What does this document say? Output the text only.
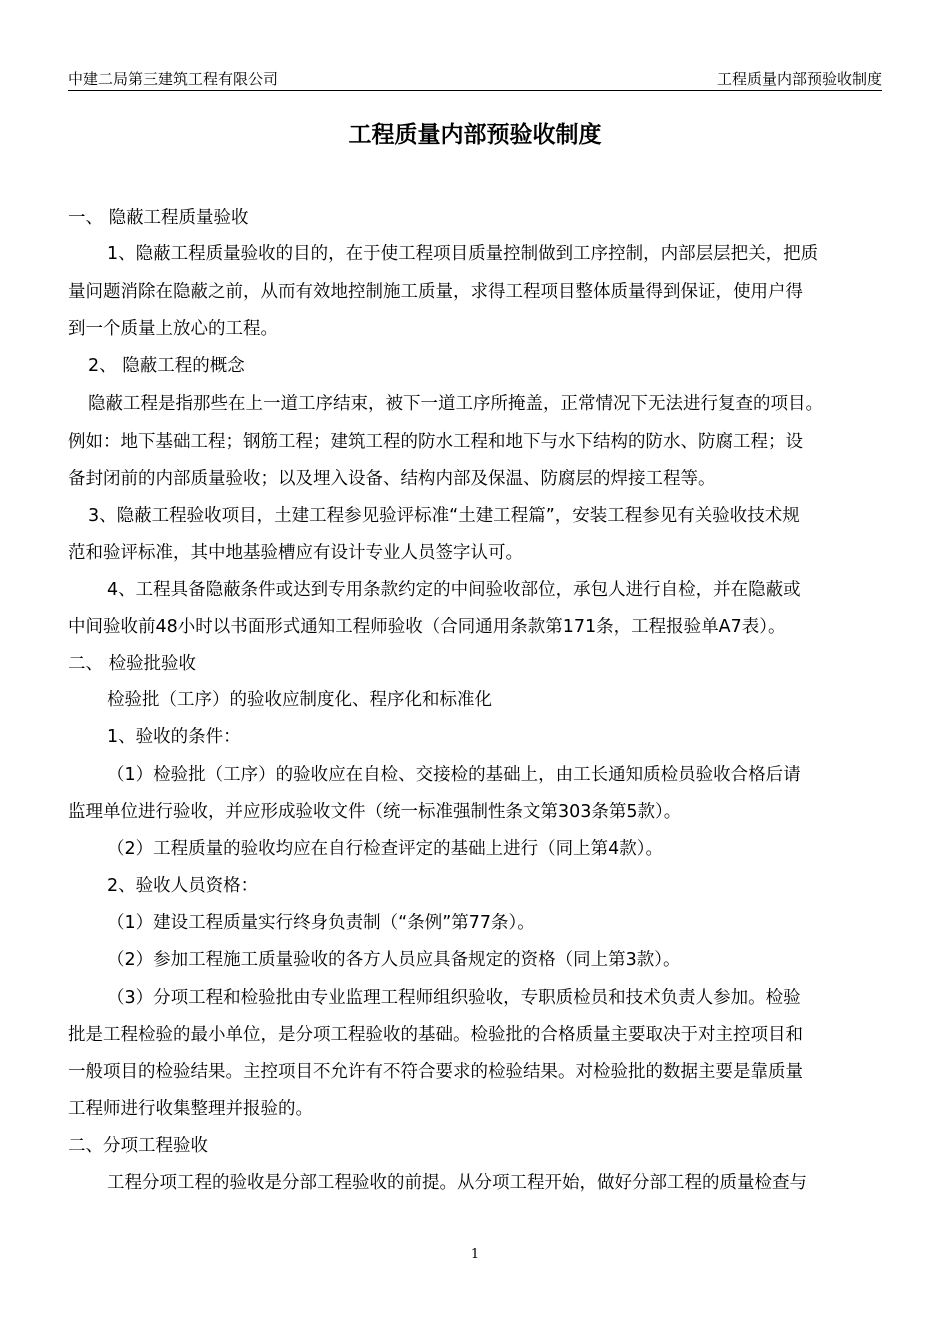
中建二局第三建筑工程有限公司	工程质量内部预验收制度
工程质量内部预验收制度
一、 隐蔽工程质量验收
1、隐蔽工程质量验收的目的，在于使工程项目质量控制做到工序控制，内部层层把关，把质
量问题消除在隐蔽之前，从而有效地控制施工质量，求得工程项目整体质量得到保证，使用户得
到一个质量上放心的工程。
2、 隐蔽工程的概念
隐蔽工程是指那些在上一道工序结束，被下一道工序所掩盖，正常情况下无法进行复查的项目。
例如：地下基础工程；钢筋工程；建筑工程的防水工程和地下与水下结构的防水、防腐工程；设
备封闭前的内部质量验收；以及埋入设备、结构内部及保温、防腐层的焊接工程等。
3、隐蔽工程验收项目，土建工程参见验评标准“土建工程篇”，安装工程参见有关验收技术规
范和验评标准，其中地基验槽应有设计专业人员签字认可。
4、工程具备隐蔽条件或达到专用条款约定的中间验收部位，承包人进行自检，并在隐蔽或
中间验收前48小时以书面形式通知工程师验收（合同通用条款第171条，工程报验单A7表）。
二、 检验批验收
检验批（工序）的验收应制度化、程序化和标准化
1、验收的条件：
（1）检验批（工序）的验收应在自检、交接检的基础上，由工长通知质检员验收合格后请
监理单位进行验收，并应形成验收文件（统一标准强制性条文第303条第5款）。
（2）工程质量的验收均应在自行检查评定的基础上进行（同上第4款）。
2、验收人员资格：
（1）建设工程质量实行终身负责制（“条例”第77条）。
（2）参加工程施工质量验收的各方人员应具备规定的资格（同上第3款）。
（3）分项工程和检验批由专业监理工程师组织验收，专职质检员和技术负责人参加。检验
批是工程检验的最小单位，是分项工程验收的基础。检验批的合格质量主要取决于对主控项目和
一般项目的检验结果。主控项目不允许有不符合要求的检验结果。对检验批的数据主要是靠质量
工程师进行收集整理并报验的。
二、分项工程验收
工程分项工程的验收是分部工程验收的前提。从分项工程开始，做好分部工程的质量检查与
1
